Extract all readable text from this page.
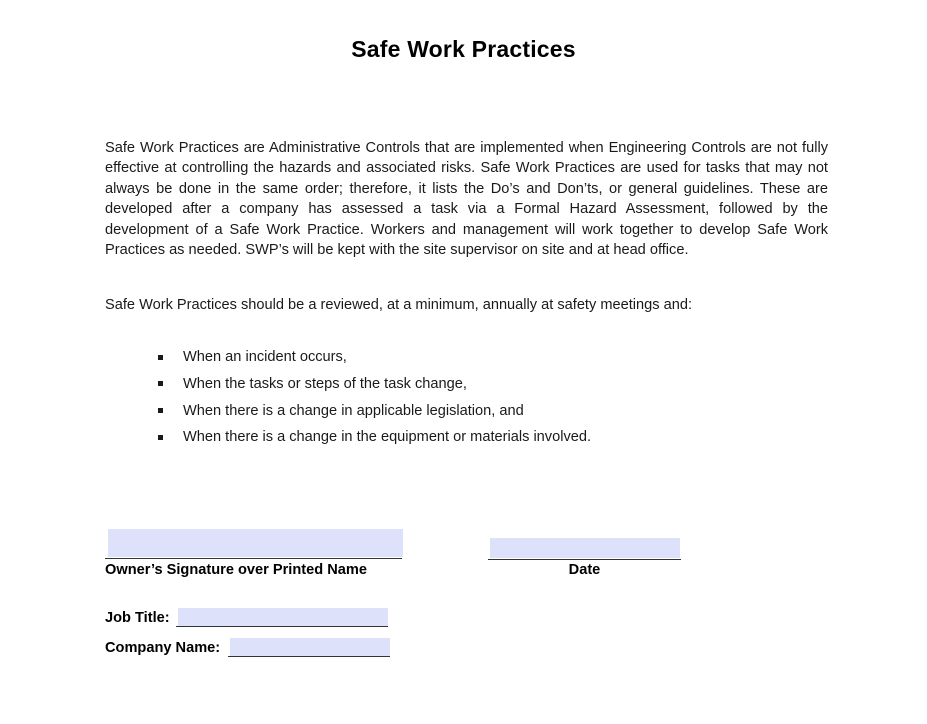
Safe Work Practices

Safe Work Practices are Administrative Controls that are implemented when Engineering Controls are not fully effective at controlling the hazards and associated risks. Safe Work Practices are used for tasks that may not always be done in the same order; therefore, it lists the Do’s and Don’ts, or general guidelines. These are developed after a company has assessed a task via a Formal Hazard Assessment, followed by the development of a Safe Work Practice. Workers and management will work together to develop Safe Work Practices as needed. SWP’s will be kept with the site supervisor on site and at head office.

Safe Work Practices should be a reviewed, at a minimum, annually at safety meetings and:

When an incident occurs,
When the tasks or steps of the task change,
When there is a change in applicable legislation, and
When there is a change in the equipment or materials involved.
Owner’s Signature over Printed Name	Date
Job Title:
Company Name:
